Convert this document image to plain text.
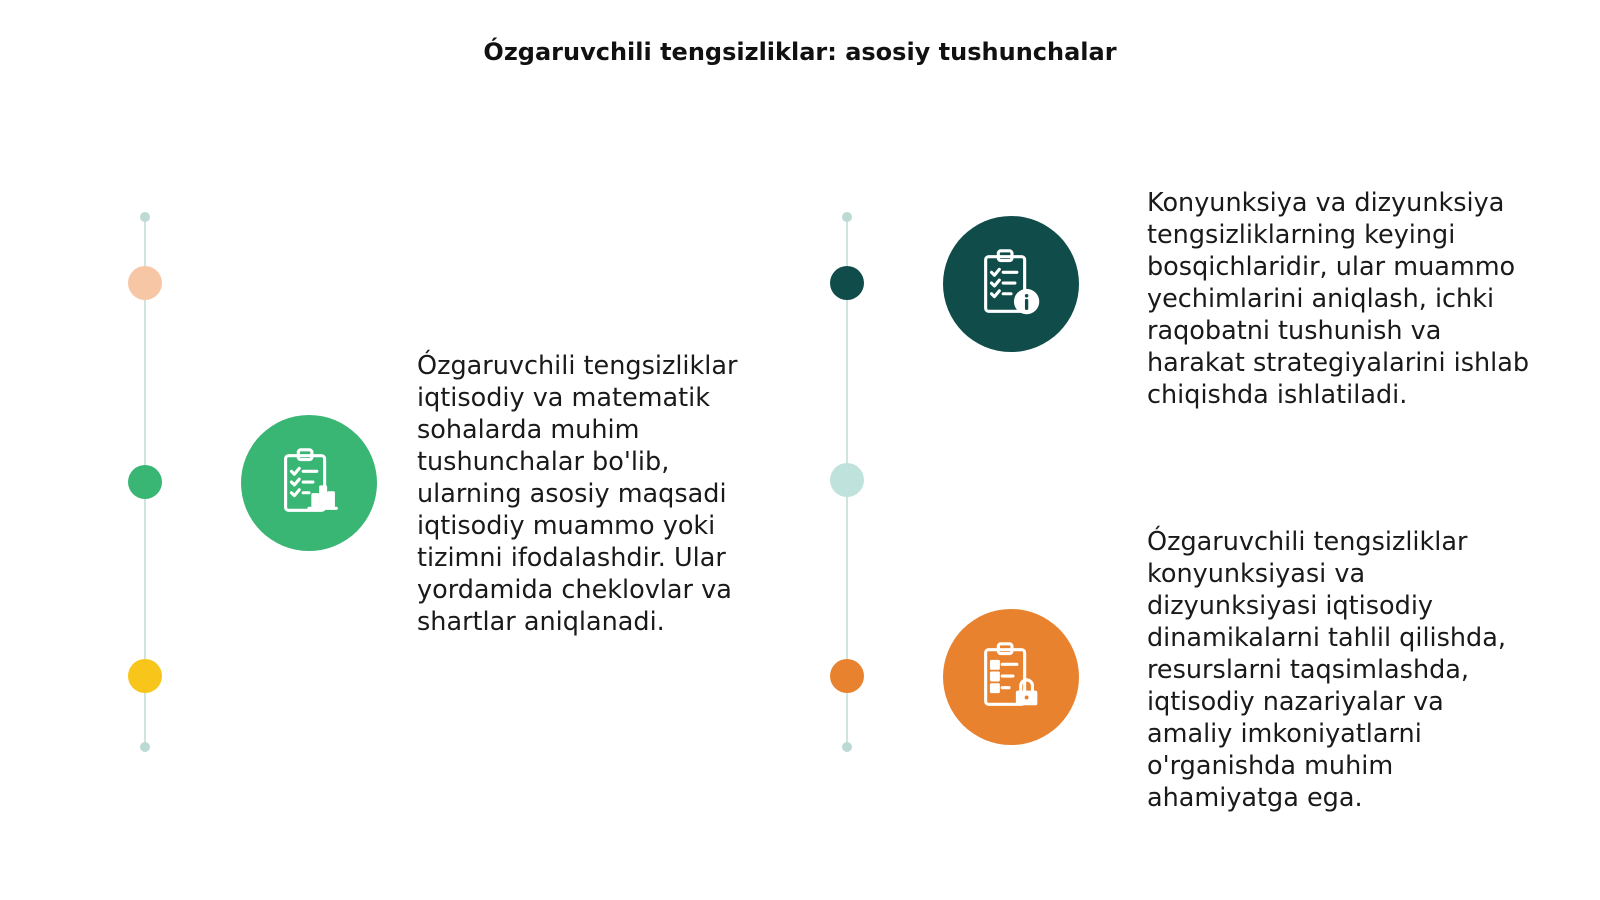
Ózgaruvchili tengsizliklar: asosiy tushunchalar
Ózgaruvchili tengsizliklar iqtisodiy va matematik sohalarda muhim tushunchalar bo'lib, ularning asosiy maqsadi iqtisodiy muammo yoki tizimni ifodalashdir. Ular yordamida cheklovlar va shartlar aniqlanadi.
Konyunksiya va dizyunksiya tengsizliklarning keyingi bosqichlaridir, ular muammo yechimlarini aniqlash, ichki raqobatni tushunish va harakat strategiyalarini ishlab chiqishda ishlatiladi.
Ózgaruvchili tengsizliklar konyunksiyasi va dizyunksiyasi iqtisodiy dinamikalarni tahlil qilishda, resurslarni taqsimlashda, iqtisodiy nazariyalar va amaliy imkoniyatlarni o'rganishda muhim ahamiyatga ega.
